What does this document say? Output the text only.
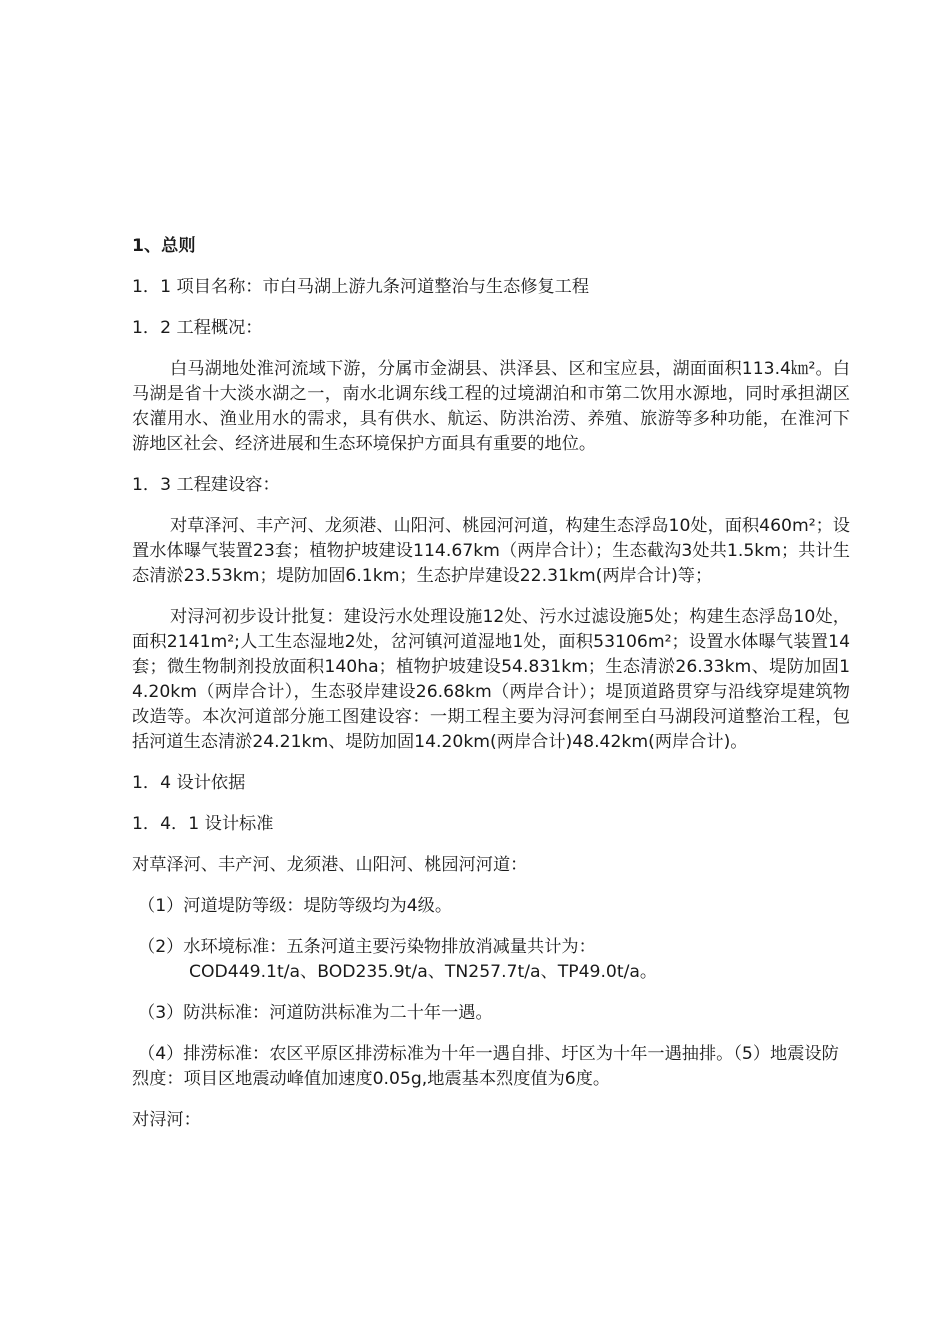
1、总则
1．1 项目名称：市白马湖上游九条河道整治与生态修复工程
1．2 工程概况：
白马湖地处淮河流域下游，分属市金湖县、洪泽县、区和宝应县，湖面面积113.4㎞²。白马湖是省十大淡水湖之一，南水北调东线工程的过境湖泊和市第二饮用水源地，同时承担湖区农灌用水、渔业用水的需求，具有供水、航运、防洪治涝、养殖、旅游等多种功能，在淮河下游地区社会、经济进展和生态环境保护方面具有重要的地位。
1．3 工程建设容：
对草泽河、丰产河、龙须港、山阳河、桃园河河道，构建生态浮岛10处，面积460m²；设置水体曝气装置23套；植物护坡建设114.67km（两岸合计）；生态截沟3处共1.5km；共计生态清淤23.53km；堤防加固6.1km；生态护岸建设22.31km(两岸合计)等；
对浔河初步设计批复：建设污水处理设施12处、污水过滤设施5处；构建生态浮岛10处，面积2141m²;人工生态湿地2处，岔河镇河道湿地1处，面积53106m²；设置水体曝气装置14套；微生物制剂投放面积140ha；植物护坡建设54.831km；生态清淤26.33km、堤防加固14.20km（两岸合计），生态驳岸建设26.68km（两岸合计）；堤顶道路贯穿与沿线穿堤建筑物改造等。本次河道部分施工图建设容：一期工程主要为浔河套闸至白马湖段河道整治工程，包括河道生态清淤24.21km、堤防加固14.20km(两岸合计)48.42km(两岸合计)。
1．4 设计依据
1．4．1 设计标准
对草泽河、丰产河、龙须港、山阳河、桃园河河道：
（1）河道堤防等级：堤防等级均为4级。
（2）水环境标准：五条河道主要污染物排放消减量共计为：
COD449.1t/a、BOD235.9t/a、TN257.7t/a、TP49.0t/a。
（3）防洪标准：河道防洪标准为二十年一遇。
（4）排涝标准：农区平原区排涝标准为十年一遇自排、圩区为十年一遇抽排。（5）地震设防烈度：项目区地震动峰值加速度0.05g,地震基本烈度值为6度。
对浔河：
